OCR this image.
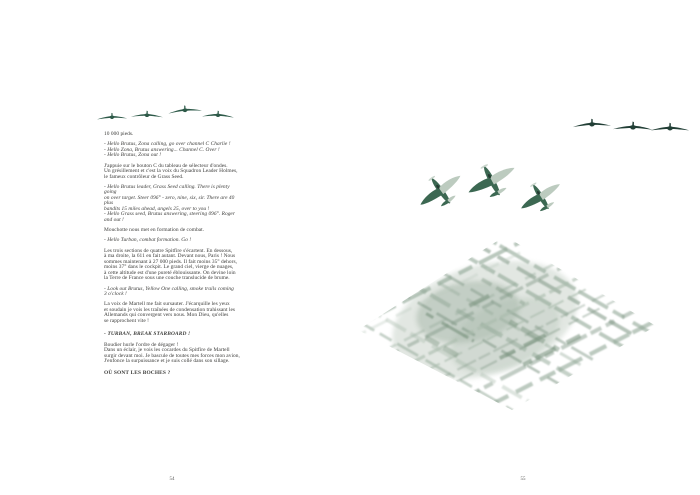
10 000 pieds.

- Hello Brutus, Zona calling, go over channel C Charlie !
- Hello Zona, Brutus answering... Channel C. Over !
- Hello Brutus, Zona out !

J'appuie sur le bouton C du tableau de sélecteur d'ondes.
Un grésillement et c'est la voix du Squadron Leader Holmes,
le fameux contrôleur de Grass Seed.

- Hello Brutus leader, Grass Seed calling. There is plenty
going
on over target. Steer 096° - zero, nine, six, sir. There are 40 plus
bandits 15 miles ahead, angels 25, over to you !
- Hello Grass seed, Brutus answering, steering 096°. Roger
and out !

Mouchotte nous met en formation de combat.

- Hello Turban, combat formation. Go !

Les trois sections de quatre Spitfire s'écartent. En dessous,
à ma droite, la 611 en fait autant. Devant nous, Paris ! Nous
sommes maintenant à 27 000 pieds. Il fait moins 35° dehors,
moins 37° dans le cockpit. Le grand ciel, vierge de nuages,
à cette altitude est d'une pureté éblouissante. On devine loin
la Terre de France sous une couche translucide de brume.

- Look out Brutus, Yellow One calling, smoke trails coming
3 o'clock !

La voix de Martell me fait sursauter. J'écarquille les yeux
et soudain je vois les traînées de condensation trahissant les
Allemands qui convergent vers nous. Mon Dieu, qu'elles
se rapprochent vite !

- TURBAN, BREAK STARBOARD !

Boudier hurle l'ordre de dégager !
Dans un éclair, je vois les cocardes du Spitfire de Martell
surgir devant moi. Je bascule de toutes mes forces mon avion,
J'enfonce la surpuissance et je suis collé dans son sillage.

OÙ SONT LES BOCHES ?

54	55
